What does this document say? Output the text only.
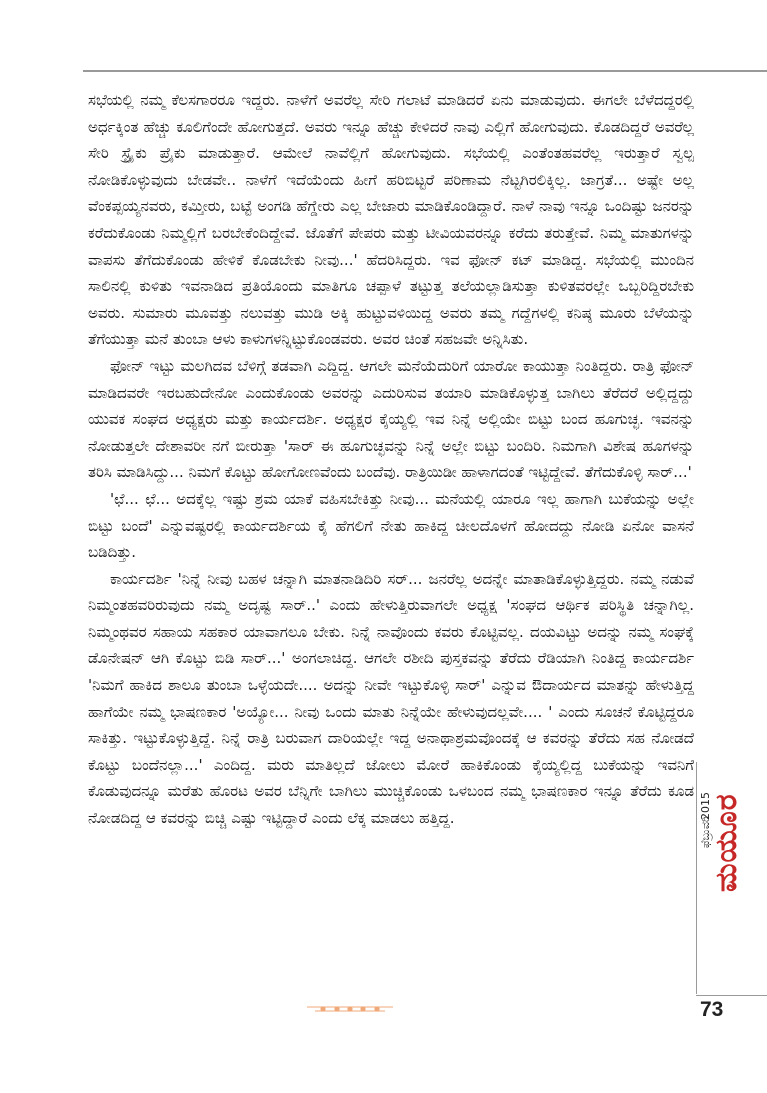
ಸಭೆಯಲ್ಲಿ ನಮ್ಮ ಕೆಲಸಗಾರರೂ ಇದ್ದರು. ನಾಳೆಗೆ ಅವರೆಲ್ಲ ಸೇರಿ ಗಲಾಟೆ ಮಾಡಿದರೆ ಏನು ಮಾಡುವುದು. ಈಗಲೇ ಬೆಳೆದದ್ದರಲ್ಲಿ ಅರ್ಧಕ್ಕಿಂತ ಹೆಚ್ಚು ಕೂಲಿಗೆಂದೇ ಹೋಗುತ್ತದೆ. ಅವರು ಇನ್ನೂ ಹೆಚ್ಚು ಕೇಳಿದರೆ ನಾವು ಎಲ್ಲಿಗೆ ಹೋಗುವುದು. ಕೊಡದಿದ್ದರೆ ಅವರೆಲ್ಲ ಸೇರಿ ಸ್ಟ್ರೈಕು ಪ್ರೈಕು ಮಾಡುತ್ತಾರೆ. ಆಮೇಲೆ ನಾವೆಲ್ಲಿಗೆ ಹೋಗುವುದು. ಸಭೆಯಲ್ಲಿ ಎಂತೆಂತಹವರೆಲ್ಲ ಇರುತ್ತಾರೆ ಸ್ವಲ್ಪ ನೋಡಿಕೊಳ್ಳುವುದು ಬೇಡವೇ.. ನಾಳೆಗೆ ಇದೆಯೆಂದು ಹೀಗೆ ಹರಿಬಿಟ್ಟರೆ ಪರಿಣಾಮ ನೆಟ್ಟಗಿರಲಿಕ್ಕಿಲ್ಲ. ಜಾಗ್ರತೆ... ಅಷ್ಟೇ ಅಲ್ಲ ವೆಂಕಪ್ಪಯ್ಯನವರು, ಕಮ್ತೀರು, ಬಟ್ಟೆ ಅಂಗಡಿ ಹೆಗ್ಡೇರು ಎಲ್ಲ ಬೇಜಾರು ಮಾಡಿಕೊಂಡಿದ್ದಾರೆ. ನಾಳೆ ನಾವು ಇನ್ನೂ ಒಂದಿಷ್ಟು ಜನರನ್ನು ಕರೆದುಕೊಂಡು ನಿಮ್ಮಲ್ಲಿಗೆ ಬರಬೇಕೆಂದಿದ್ದೇವೆ. ಜೊತೆಗೆ ಪೇಪರು ಮತ್ತು ಟೀವಿಯವರನ್ನೂ ಕರೆದು ತರುತ್ತೇವೆ. ನಿಮ್ಮ ಮಾತುಗಳನ್ನು ವಾಪಸು ತೆಗೆದುಕೊಂಡು ಹೇಳಿಕೆ ಕೊಡಬೇಕು ನೀವು...' ಹೆದರಿಸಿದ್ದರು. ಇವ ಫೋನ್ ಕಟ್ ಮಾಡಿದ್ದ. ಸಭೆಯಲ್ಲಿ ಮುಂದಿನ ಸಾಲಿನಲ್ಲಿ ಕುಳಿತು ಇವನಾಡಿದ ಪ್ರತಿಯೊಂದು ಮಾತಿಗೂ ಚಪ್ಪಾಳೆ ತಟ್ಟುತ್ತ ತಲೆಯಲ್ಲಾಡಿಸುತ್ತಾ ಕುಳಿತವರಲ್ಲೇ ಒಬ್ಬರಿದ್ದಿರಬೇಕು ಅವರು. ಸುಮಾರು ಮೂವತ್ತು ನಲುವತ್ತು ಮುಡಿ ಅಕ್ಕಿ ಹುಟ್ಟುವಳಿಯಿದ್ದ ಅವರು ತಮ್ಮ ಗದ್ದೆಗಳಲ್ಲಿ ಕನಿಷ್ಠ ಮೂರು ಬೆಳೆಯನ್ನು ತೆಗೆಯುತ್ತಾ ಮನೆ ತುಂಬಾ ಆಳು ಕಾಳುಗಳನ್ನಿಟ್ಟುಕೊಂಡವರು. ಅವರ ಚಿಂತೆ ಸಹಜವೇ ಅನ್ನಿಸಿತು.

ಫೋನ್ ಇಟ್ಟು ಮಲಗಿದವ ಬೆಳಿಗ್ಗೆ ತಡವಾಗಿ ಎದ್ದಿದ್ದ. ಆಗಲೇ ಮನೆಯೆದುರಿಗೆ ಯಾರೋ ಕಾಯುತ್ತಾ ನಿಂತಿದ್ದರು. ರಾತ್ರಿ ಫೋನ್ ಮಾಡಿದವರೇ ಇರಬಹುದೇನೋ ಎಂದುಕೊಂಡು ಅವರನ್ನು ಎದುರಿಸುವ ತಯಾರಿ ಮಾಡಿಕೊಳ್ಳುತ್ತ ಬಾಗಿಲು ತೆರೆದರೆ ಅಲ್ಲಿದ್ದದ್ದು ಯುವಕ ಸಂಘದ ಅಧ್ಯಕ್ಷರು ಮತ್ತು ಕಾರ್ಯದರ್ಶಿ. ಅಧ್ಯಕ್ಷರ ಕೈಯ್ಯಲ್ಲಿ ಇವ ನಿನ್ನೆ ಅಲ್ಲಿಯೇ ಬಿಟ್ಟು ಬಂದ ಹೂಗುಚ್ಛ. ಇವನನ್ನು ನೋಡುತ್ತಲೇ ದೇಶಾವರೀ ನಗೆ ಬೀರುತ್ತಾ 'ಸಾರ್ ಈ ಹೂಗುಚ್ಛವನ್ನು ನಿನ್ನೆ ಅಲ್ಲೇ ಬಿಟ್ಟು ಬಂದಿರಿ. ನಿಮಗಾಗಿ ವಿಶೇಷ ಹೂಗಳನ್ನು ತರಿಸಿ ಮಾಡಿಸಿದ್ದು... ನಿಮಗೆ ಕೊಟ್ಟು ಹೋಗೋಣವೆಂದು ಬಂದೆವು. ರಾತ್ರಿಯಿಡೀ ಹಾಳಾಗದಂತೆ ಇಟ್ಟಿದ್ದೇವೆ. ತೆಗೆದುಕೊಳ್ಳಿ ಸಾರ್...'

'ಛೆ... ಛೆ... ಅದಕ್ಕೆಲ್ಲ ಇಷ್ಟು ಶ್ರಮ ಯಾಕೆ ವಹಿಸಬೇಕಿತ್ತು ನೀವು... ಮನೆಯಲ್ಲಿ ಯಾರೂ ಇಲ್ಲ ಹಾಗಾಗಿ ಬುಕೆಯನ್ನು ಅಲ್ಲೇ ಬಿಟ್ಟು ಬಂದೆ' ಎನ್ನುವಷ್ಟರಲ್ಲಿ ಕಾರ್ಯದರ್ಶಿಯ ಕೈ ಹೆಗಲಿಗೆ ನೇತು ಹಾಕಿದ್ದ ಚೀಲದೊಳಗೆ ಹೋದದ್ದು ನೋಡಿ ಏನೋ ವಾಸನೆ ಬಡಿದಿತ್ತು.

ಕಾರ್ಯದರ್ಶಿ 'ನಿನ್ನೆ ನೀವು ಬಹಳ ಚನ್ನಾಗಿ ಮಾತನಾಡಿದಿರಿ ಸರ್... ಜನರೆಲ್ಲ ಅದನ್ನೇ ಮಾತಾಡಿಕೊಳ್ಳುತ್ತಿದ್ದರು. ನಮ್ಮ ನಡುವೆ ನಿಮ್ಮಂತಹವರಿರುವುದು ನಮ್ಮ ಅದೃಷ್ಟ ಸಾರ್..' ಎಂದು ಹೇಳುತ್ತಿರುವಾಗಲೇ ಅಧ್ಯಕ್ಷ 'ಸಂಘದ ಆರ್ಥಿಕ ಪರಿಸ್ಥಿತಿ ಚನ್ನಾಗಿಲ್ಲ. ನಿಮ್ಮಂಥವರ ಸಹಾಯ ಸಹಕಾರ ಯಾವಾಗಲೂ ಬೇಕು. ನಿನ್ನೆ ನಾವೊಂದು ಕವರು ಕೊಟ್ಟಿವಲ್ಲ. ದಯವಿಟ್ಟು ಅದನ್ನು ನಮ್ಮ ಸಂಘಕ್ಕೆ ಡೊನೇಷನ್ ಆಗಿ ಕೊಟ್ಟು ಬಿಡಿ ಸಾರ್...' ಅಂಗಲಾಚಿದ್ದ. ಆಗಲೇ ರಶೀದಿ ಪುಸ್ತಕವನ್ನು ತೆರೆದು ರೆಡಿಯಾಗಿ ನಿಂತಿದ್ದ ಕಾರ್ಯದರ್ಶಿ 'ನಿಮಗೆ ಹಾಕಿದ ಶಾಲೂ ತುಂಬಾ ಒಳ್ಳೆಯದೇ.... ಅದನ್ನು ನೀವೇ ಇಟ್ಟುಕೊಳ್ಳಿ ಸಾರ್' ಎನ್ನುವ ಔದಾರ್ಯದ ಮಾತನ್ನು ಹೇಳುತ್ತಿದ್ದ ಹಾಗೆಯೇ ನಮ್ಮ ಭಾಷಣಕಾರ 'ಅಯ್ಯೋ... ನೀವು ಒಂದು ಮಾತು ನಿನ್ನೆಯೇ ಹೇಳುವುದಲ್ಲವೇ.... ' ಎಂದು ಸೂಚನೆ ಕೊಟ್ಟಿದ್ದರೂ ಸಾಕಿತ್ತು. ಇಟ್ಟುಕೊಳ್ಳುತ್ತಿದ್ದೆ. ನಿನ್ನೆ ರಾತ್ರಿ ಬರುವಾಗ ದಾರಿಯಲ್ಲೇ ಇದ್ದ ಅನಾಥಾಶ್ರಮವೊಂದಕ್ಕೆ ಆ ಕವರನ್ನು ತೆರೆದು ಸಹ ನೋಡದೆ ಕೊಟ್ಟು ಬಂದೆನಲ್ಲಾ...' ಎಂದಿದ್ದ. ಮರು ಮಾತಿಲ್ಲದೆ ಜೋಲು ಮೋರೆ ಹಾಕಿಕೊಂಡು ಕೈಯ್ಯಲ್ಲಿದ್ದ ಬುಕೆಯನ್ನು ಇವನಿಗೆ ಕೊಡುವುದನ್ನೂ ಮರೆತು ಹೊರಟ ಅವರ ಬೆನ್ನಿಗೇ ಬಾಗಿಲು ಮುಚ್ಚಿಕೊಂಡು ಒಳಬಂದ ನಮ್ಮ ಭಾಷಣಕಾರ ಇನ್ನೂ ತೆರೆದು ಕೂಡ ನೋಡದಿದ್ದ ಆ ಕವರನ್ನು ಬಿಚ್ಚಿ ಎಷ್ಟು ಇಟ್ಟಿದ್ದಾರೆ ಎಂದು ಲೆಕ್ಕ ಮಾಡಲು ಹತ್ತಿದ್ದ.	ಮಯೂರ
ಫೆಬ್ರುವರಿ
2015
73
